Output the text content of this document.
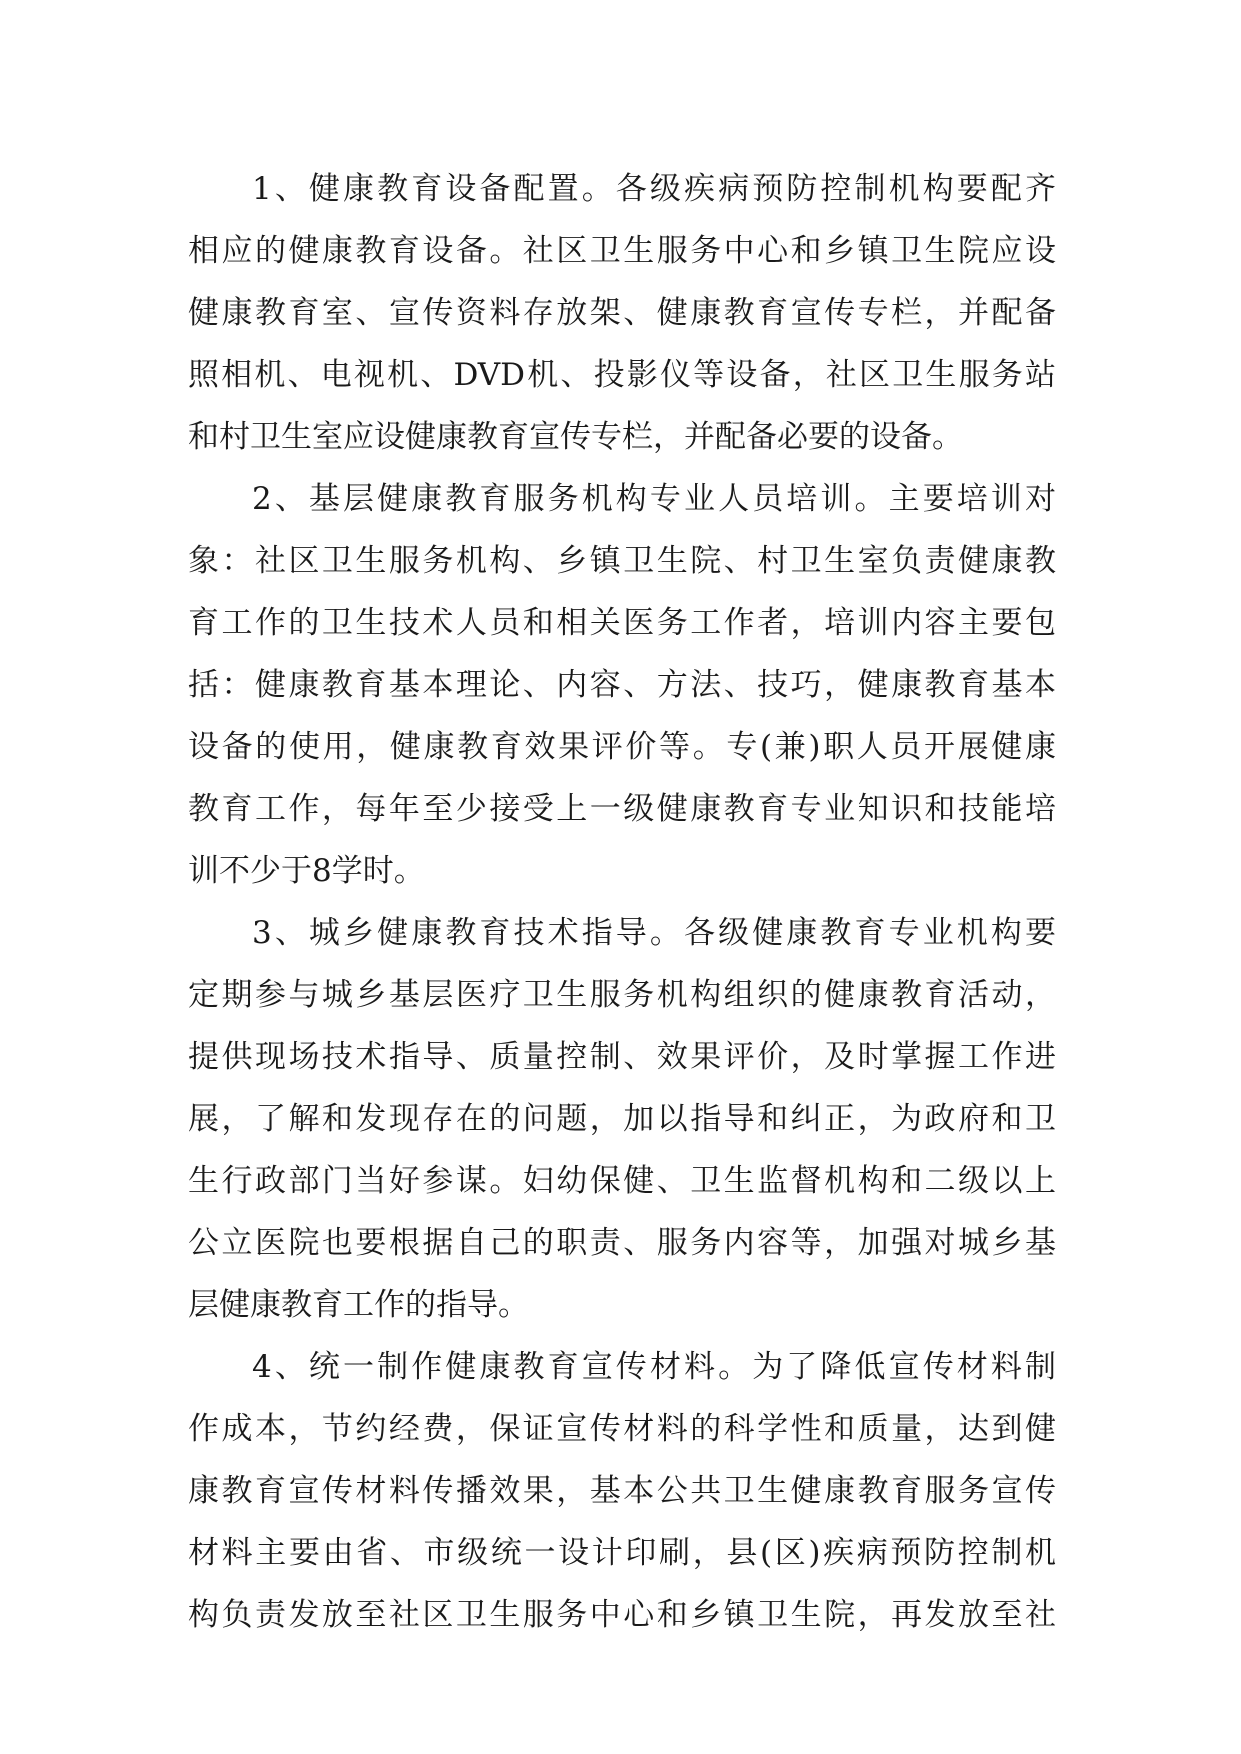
1、健康教育设备配置。各级疾病预防控制机构要配齐
相应的健康教育设备。社区卫生服务中心和乡镇卫生院应设
健康教育室、宣传资料存放架、健康教育宣传专栏，并配备
照相机、电视机、DVD机、投影仪等设备，社区卫生服务站
和村卫生室应设健康教育宣传专栏，并配备必要的设备。
2、基层健康教育服务机构专业人员培训。主要培训对
象：社区卫生服务机构、乡镇卫生院、村卫生室负责健康教
育工作的卫生技术人员和相关医务工作者，培训内容主要包
括：健康教育基本理论、内容、方法、技巧，健康教育基本
设备的使用，健康教育效果评价等。专(兼)职人员开展健康
教育工作，每年至少接受上一级健康教育专业知识和技能培
训不少于8学时。
3、城乡健康教育技术指导。各级健康教育专业机构要
定期参与城乡基层医疗卫生服务机构组织的健康教育活动，
提供现场技术指导、质量控制、效果评价，及时掌握工作进
展，了解和发现存在的问题，加以指导和纠正，为政府和卫
生行政部门当好参谋。妇幼保健、卫生监督机构和二级以上
公立医院也要根据自己的职责、服务内容等，加强对城乡基
层健康教育工作的指导。
4、统一制作健康教育宣传材料。为了降低宣传材料制
作成本，节约经费，保证宣传材料的科学性和质量，达到健
康教育宣传材料传播效果，基本公共卫生健康教育服务宣传
材料主要由省、市级统一设计印刷，县(区)疾病预防控制机
构负责发放至社区卫生服务中心和乡镇卫生院，再发放至社
